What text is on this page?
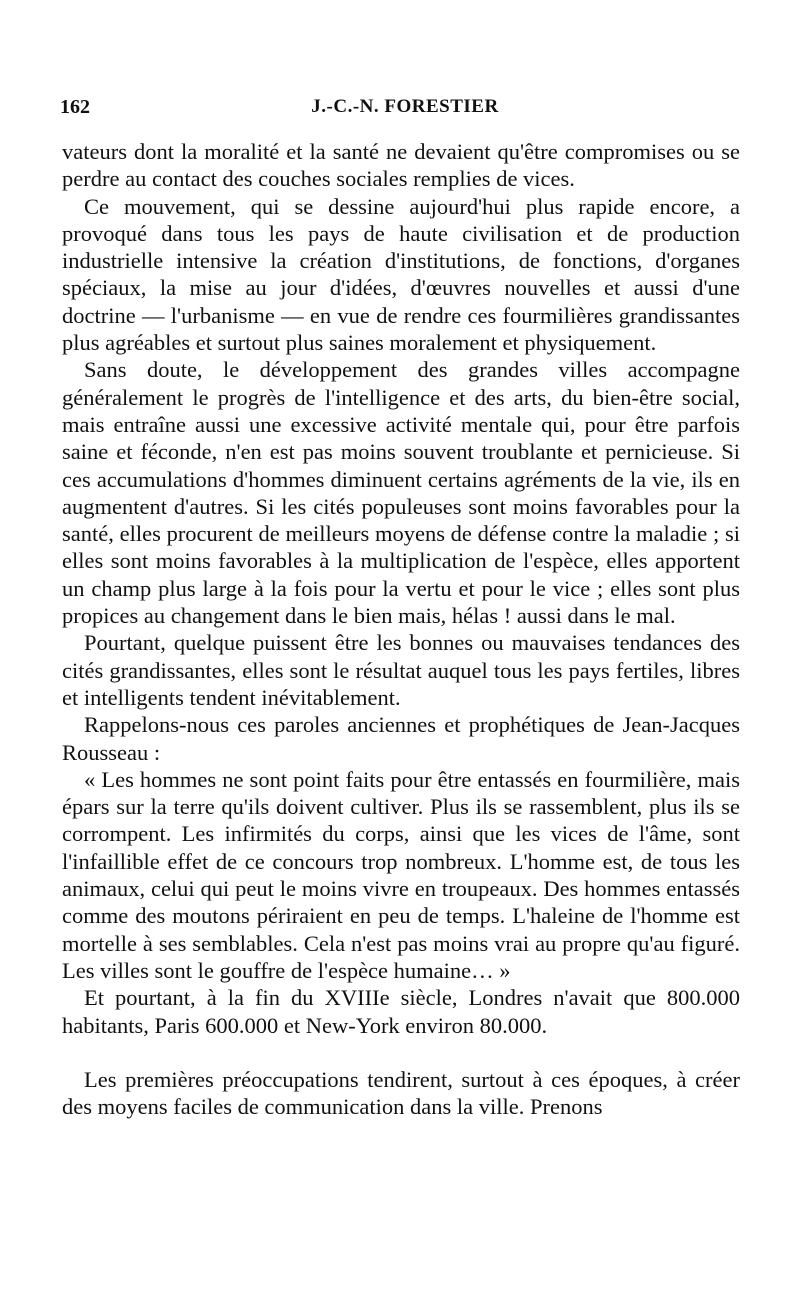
162	J.-C.-N. FORESTIER

vateurs dont la moralité et la santé ne devaient qu'être compromises ou se perdre au contact des couches sociales remplies de vices.

Ce mouvement, qui se dessine aujourd'hui plus rapide encore, a provoqué dans tous les pays de haute civilisation et de production industrielle intensive la création d'institutions, de fonctions, d'organes spéciaux, la mise au jour d'idées, d'œuvres nouvelles et aussi d'une doctrine — l'urbanisme — en vue de rendre ces fourmilières grandissantes plus agréables et surtout plus saines moralement et physiquement.

Sans doute, le développement des grandes villes accompagne généralement le progrès de l'intelligence et des arts, du bien-être social, mais entraîne aussi une excessive activité mentale qui, pour être parfois saine et féconde, n'en est pas moins souvent troublante et pernicieuse. Si ces accumulations d'hommes diminuent certains agréments de la vie, ils en augmentent d'autres. Si les cités populeuses sont moins favorables pour la santé, elles procurent de meilleurs moyens de défense contre la maladie ; si elles sont moins favorables à la multiplication de l'espèce, elles apportent un champ plus large à la fois pour la vertu et pour le vice ; elles sont plus propices au changement dans le bien mais, hélas ! aussi dans le mal.

Pourtant, quelque puissent être les bonnes ou mauvaises tendances des cités grandissantes, elles sont le résultat auquel tous les pays fertiles, libres et intelligents tendent inévitablement.

Rappelons-nous ces paroles anciennes et prophétiques de Jean-Jacques Rousseau :

« Les hommes ne sont point faits pour être entassés en fourmilière, mais épars sur la terre qu'ils doivent cultiver. Plus ils se rassemblent, plus ils se corrompent. Les infirmités du corps, ainsi que les vices de l'âme, sont l'infaillible effet de ce concours trop nombreux. L'homme est, de tous les animaux, celui qui peut le moins vivre en troupeaux. Des hommes entassés comme des moutons périraient en peu de temps. L'haleine de l'homme est mortelle à ses semblables. Cela n'est pas moins vrai au propre qu'au figuré. Les villes sont le gouffre de l'espèce humaine… »

Et pourtant, à la fin du XVIIIe siècle, Londres n'avait que 800.000 habitants, Paris 600.000 et New-York environ 80.000.

Les premières préoccupations tendirent, surtout à ces époques, à créer des moyens faciles de communication dans la ville. Prenons
